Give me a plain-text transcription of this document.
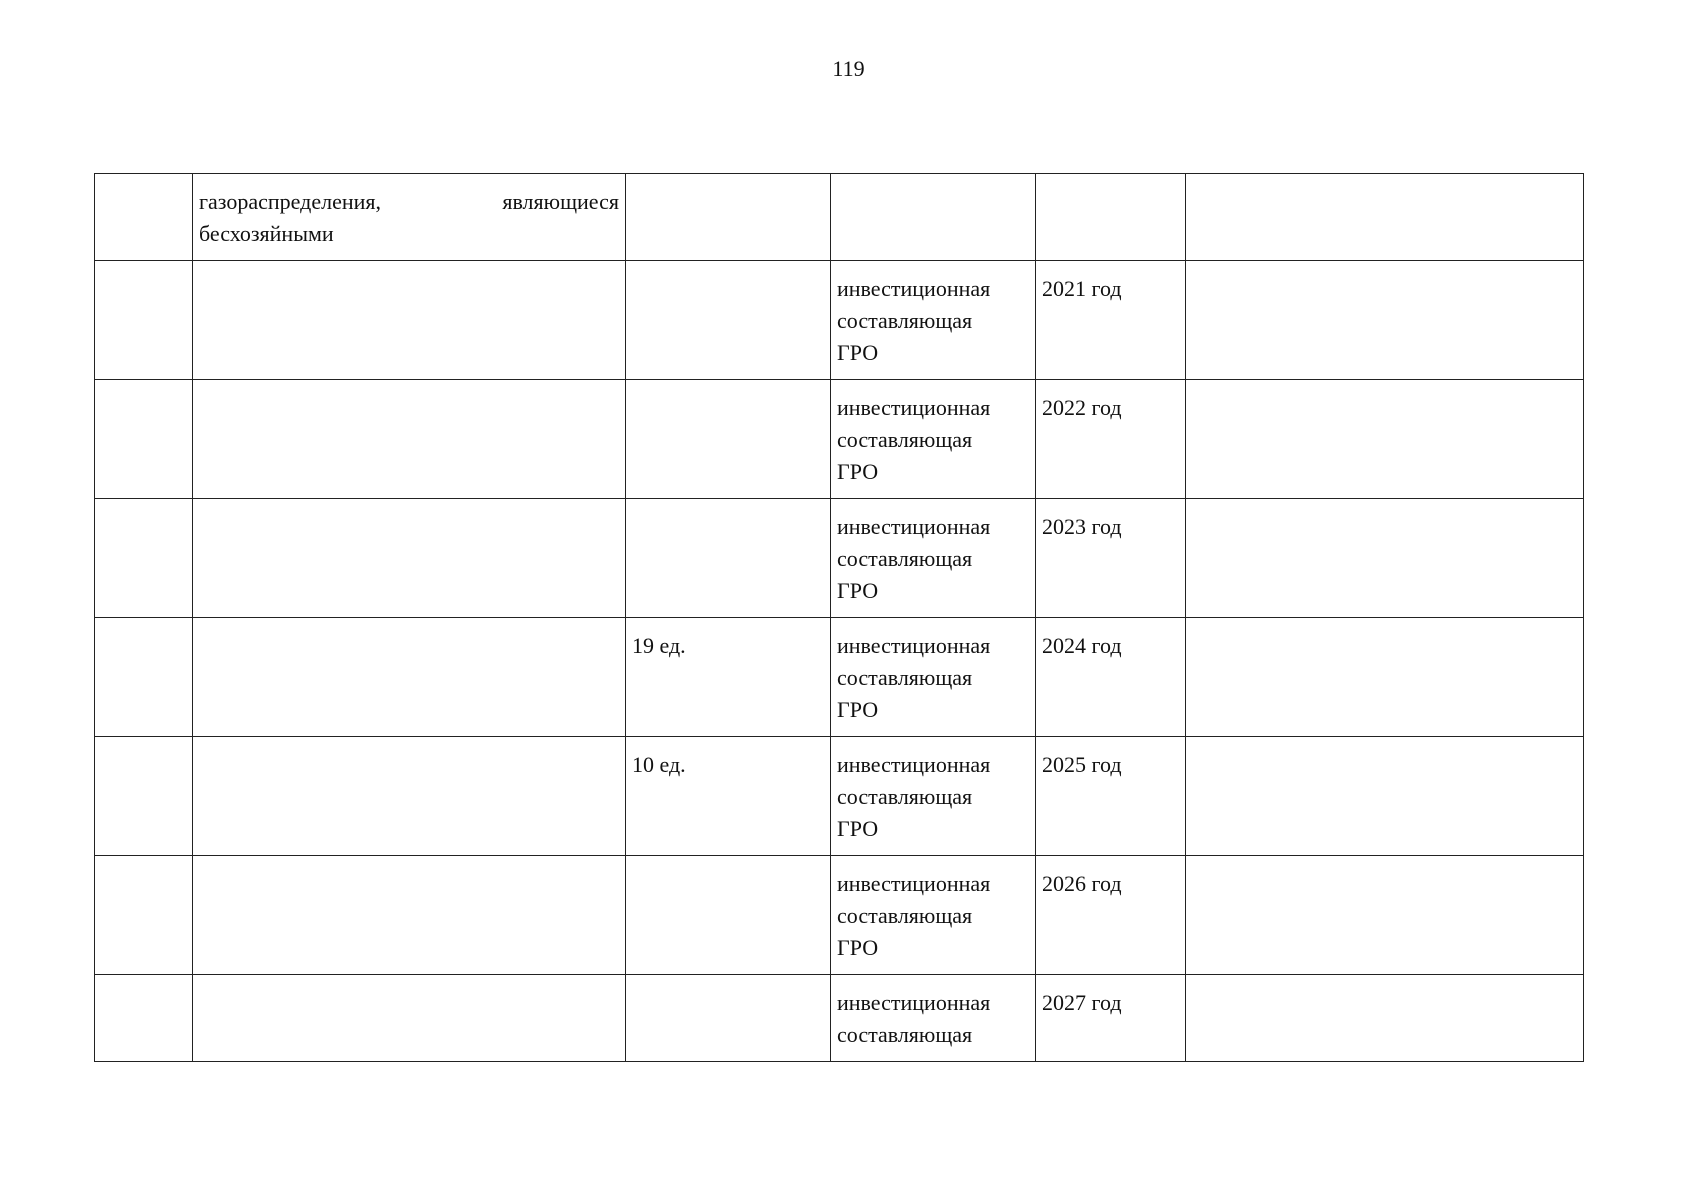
119

	газораспределения, являющиеся
бесхозяйными				

			инвестиционная
составляющая
ГРО	2021 год	

			инвестиционная
составляющая
ГРО	2022 год	

			инвестиционная
составляющая
ГРО	2023 год	
		19 ед.	инвестиционная
составляющая
ГРО	2024 год	
		10 ед.	инвестиционная
составляющая
ГРО	2025 год	

			инвестиционная
составляющая
ГРО	2026 год	

			инвестиционная
составляющая	2027 год	
